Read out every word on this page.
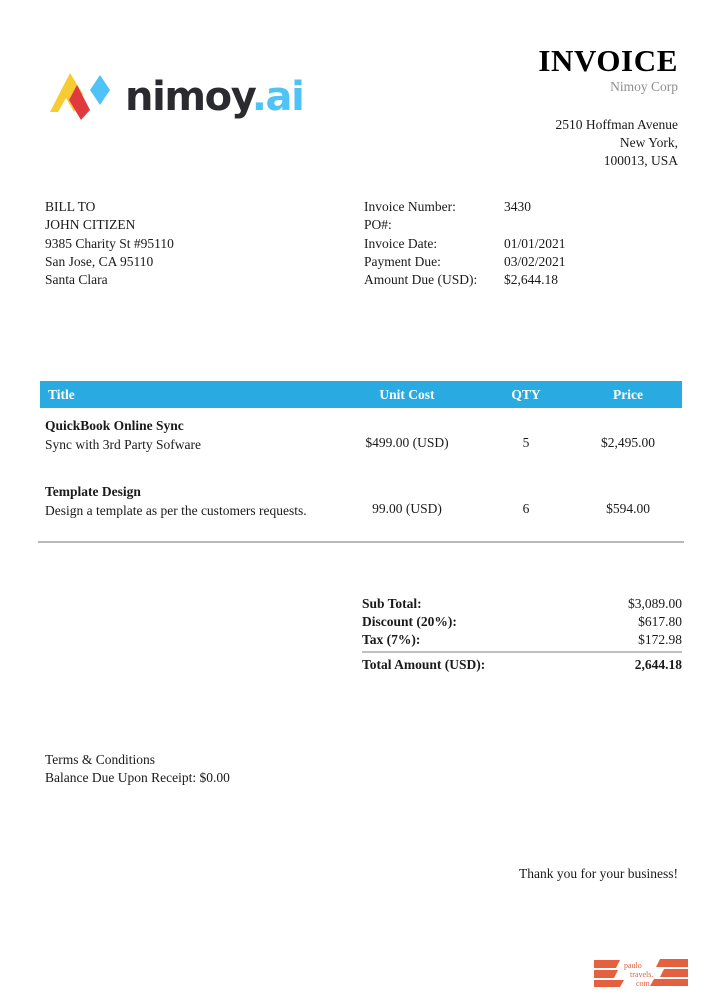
nimoy.ai
INVOICE
Nimoy Corp
2510 Hoffman Avenue
New York,
100013, USA
BILL TO
JOHN CITIZEN
9385 Charity St #95110
San Jose, CA 95110
Santa Clara
Invoice Number:	3430
PO#:
Invoice Date:	01/01/2021
Payment Due:	03/02/2021
Amount Due (USD):	$2,644.18
Title	Unit Cost	QTY	Price
QuickBook Online Sync
Sync with 3rd Party Sofware	$499.00 (USD)	5	$2,495.00
Template Design
Design a template as per the customers requests.	99.00 (USD)	6	$594.00
Sub Total:	$3,089.00
Discount (20%):	$617.80
Tax (7%):	$172.98
Total Amount (USD):	2,644.18
Terms & Conditions
Balance Due Upon Receipt: $0.00
Thank you for your business!
paulo
travels.
com
